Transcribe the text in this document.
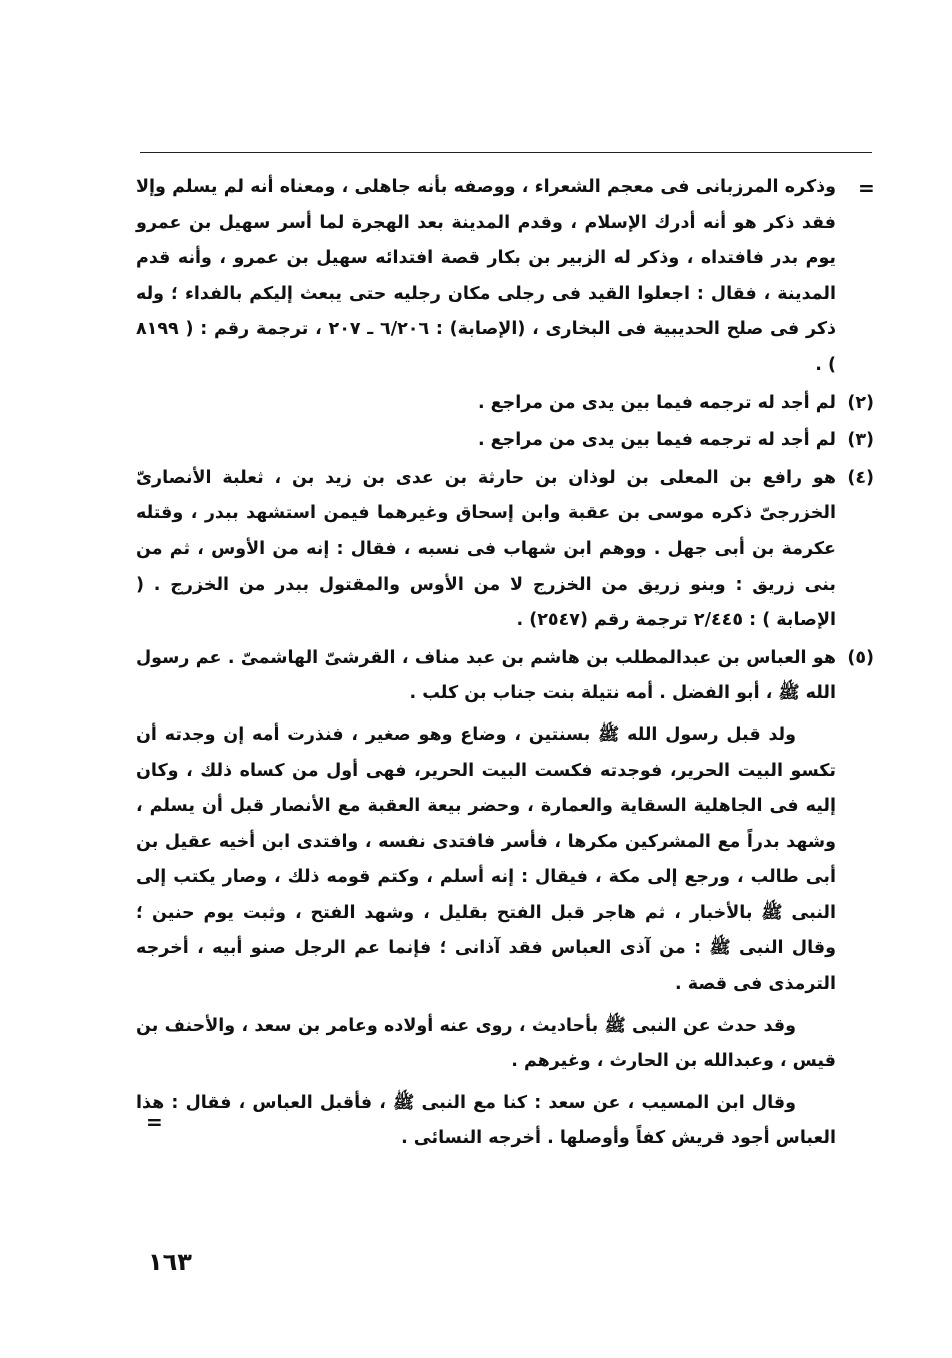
=

وذكره المرزبانى فى معجم الشعراء ، ووصفه بأنه جاهلى ، ومعناه أنه لم يسلم وإلا فقد ذكر هو أنه أدرك الإسلام ، وقدم المدينة بعد الهجرة لما أسر سهيل بن عمرو يوم بدر فافتداه ، وذكر له الزبير بن بكار قصة افتدائه سهيل بن عمرو ، وأنه قدم المدينة ، فقال : اجعلوا القيد فى رجلى مكان رجليه حتى يبعث إليكم بالفداء ؛ وله ذكر فى صلح الحديبية فى البخارى ، (الإصابة) : ٦/٢٠٦ ـ ٢٠٧ ، ترجمة رقم : ( ٨١٩٩ ) .

(٢)
لم أجد له ترجمه فيما بين يدى من مراجع .

(٣)
لم أجد له ترجمه فيما بين يدى من مراجع .

(٤)
هو رافع بن المعلى بن لوذان بن حارثة بن عدى بن زيد بن ، ثعلبة الأنصارىّ الخزرجىّ ذكره موسى بن عقبة وابن إسحاق وغيرهما فيمن استشهد ببدر ، وقتله عكرمة بن أبى جهل . ووهم ابن شهاب فى نسبه ، فقال : إنه من الأوس ، ثم من بنى زريق : وبنو زريق من الخزرج لا من الأوس والمقتول ببدر من الخزرج . ( الإصابة ) : ٢/٤٤٥ ترجمة رقم (٢٥٤٧) .

(٥)
هو العباس بن عبدالمطلب بن هاشم بن عبد مناف ، القرشىّ الهاشمىّ . عم رسول الله ﷺ ، أبو الفضل . أمه نتيلة بنت جناب بن كلب .

ولد قبل رسول الله ﷺ بسنتين ، وضاع وهو صغير ، فنذرت أمه إن وجدته أن تكسو البيت الحرير، فوجدته فكست البيت الحرير، فهى أول من كساه ذلك ، وكان إليه فى الجاهلية السقاية والعمارة ، وحضر بيعة العقبة مع الأنصار قبل أن يسلم ، وشهد بدراً مع المشركين مكرها ، فأسر فافتدى نفسه ، وافتدى ابن أخيه عقيل بن أبى طالب ، ورجع إلى مكة ، فيقال : إنه أسلم ، وكتم قومه ذلك ، وصار يكتب إلى النبى ﷺ بالأخبار ، ثم هاجر قبل الفتح بقليل ، وشهد الفتح ، وثبت يوم حنين ؛ وقال النبى ﷺ : من آذى العباس فقد آذانى ؛ فإنما عم الرجل صنو أبيه ، أخرجه الترمذى فى قصة .

وقد حدث عن النبى ﷺ بأحاديث ، روى عنه أولاده وعامر بن سعد ، والأحنف بن قيس ، وعبدالله بن الحارث ، وغيرهم .

وقال ابن المسيب ، عن سعد : كنا مع النبى ﷺ ، فأقبل العباس ، فقال : هذا العباس أجود قريش كفاً وأوصلها . أخرجه النسائى .

=
١٦٣
